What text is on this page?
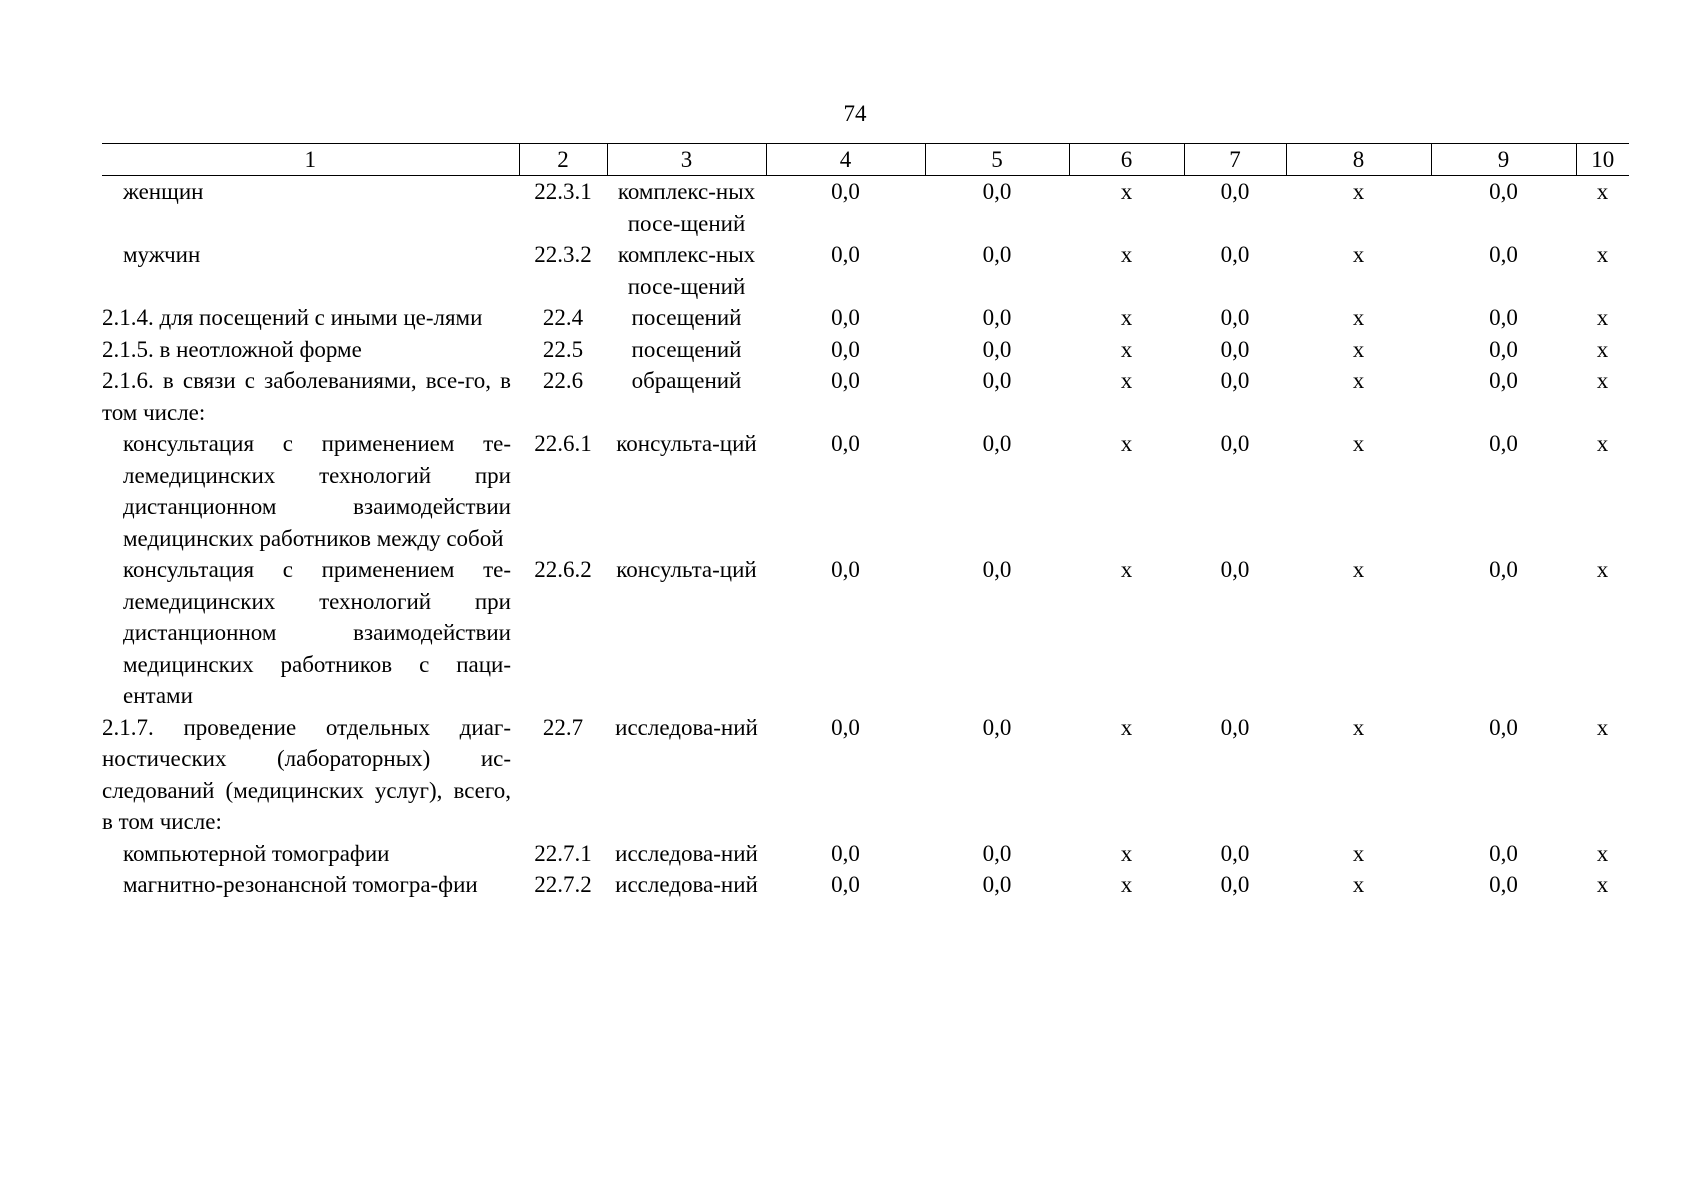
74
1	2	3	4	5	6	7	8	9	10
женщин	22.3.1	комплекс-ных посе-щений	0,0	0,0	х	0,0	х	0,0	х
мужчин	22.3.2	комплекс-ных посе-щений	0,0	0,0	х	0,0	х	0,0	х
2.1.4. для посещений с иными це-лями	22.4	посещений	0,0	0,0	х	0,0	х	0,0	х
2.1.5. в неотложной форме	22.5	посещений	0,0	0,0	х	0,0	х	0,0	х
2.1.6. в связи с заболеваниями, все-го, в том числе:	22.6	обращений	0,0	0,0	х	0,0	х	0,0	х
консультация с применением те-лемедицинских технологий при дистанционном взаимодействии медицинских работников между собой	22.6.1	консульта-ций	0,0	0,0	х	0,0	х	0,0	х
консультация с применением те-лемедицинских технологий при дистанционном взаимодействии медицинских работников с паци-ентами	22.6.2	консульта-ций	0,0	0,0	х	0,0	х	0,0	х
2.1.7. проведение отдельных диаг-ностических (лабораторных) ис-следований (медицинских услуг), всего, в том числе:	22.7	исследова-ний	0,0	0,0	х	0,0	х	0,0	х
компьютерной томографии	22.7.1	исследова-ний	0,0	0,0	х	0,0	х	0,0	х
магнитно-резонансной томогра-фии	22.7.2	исследова-ний	0,0	0,0	х	0,0	х	0,0	х
